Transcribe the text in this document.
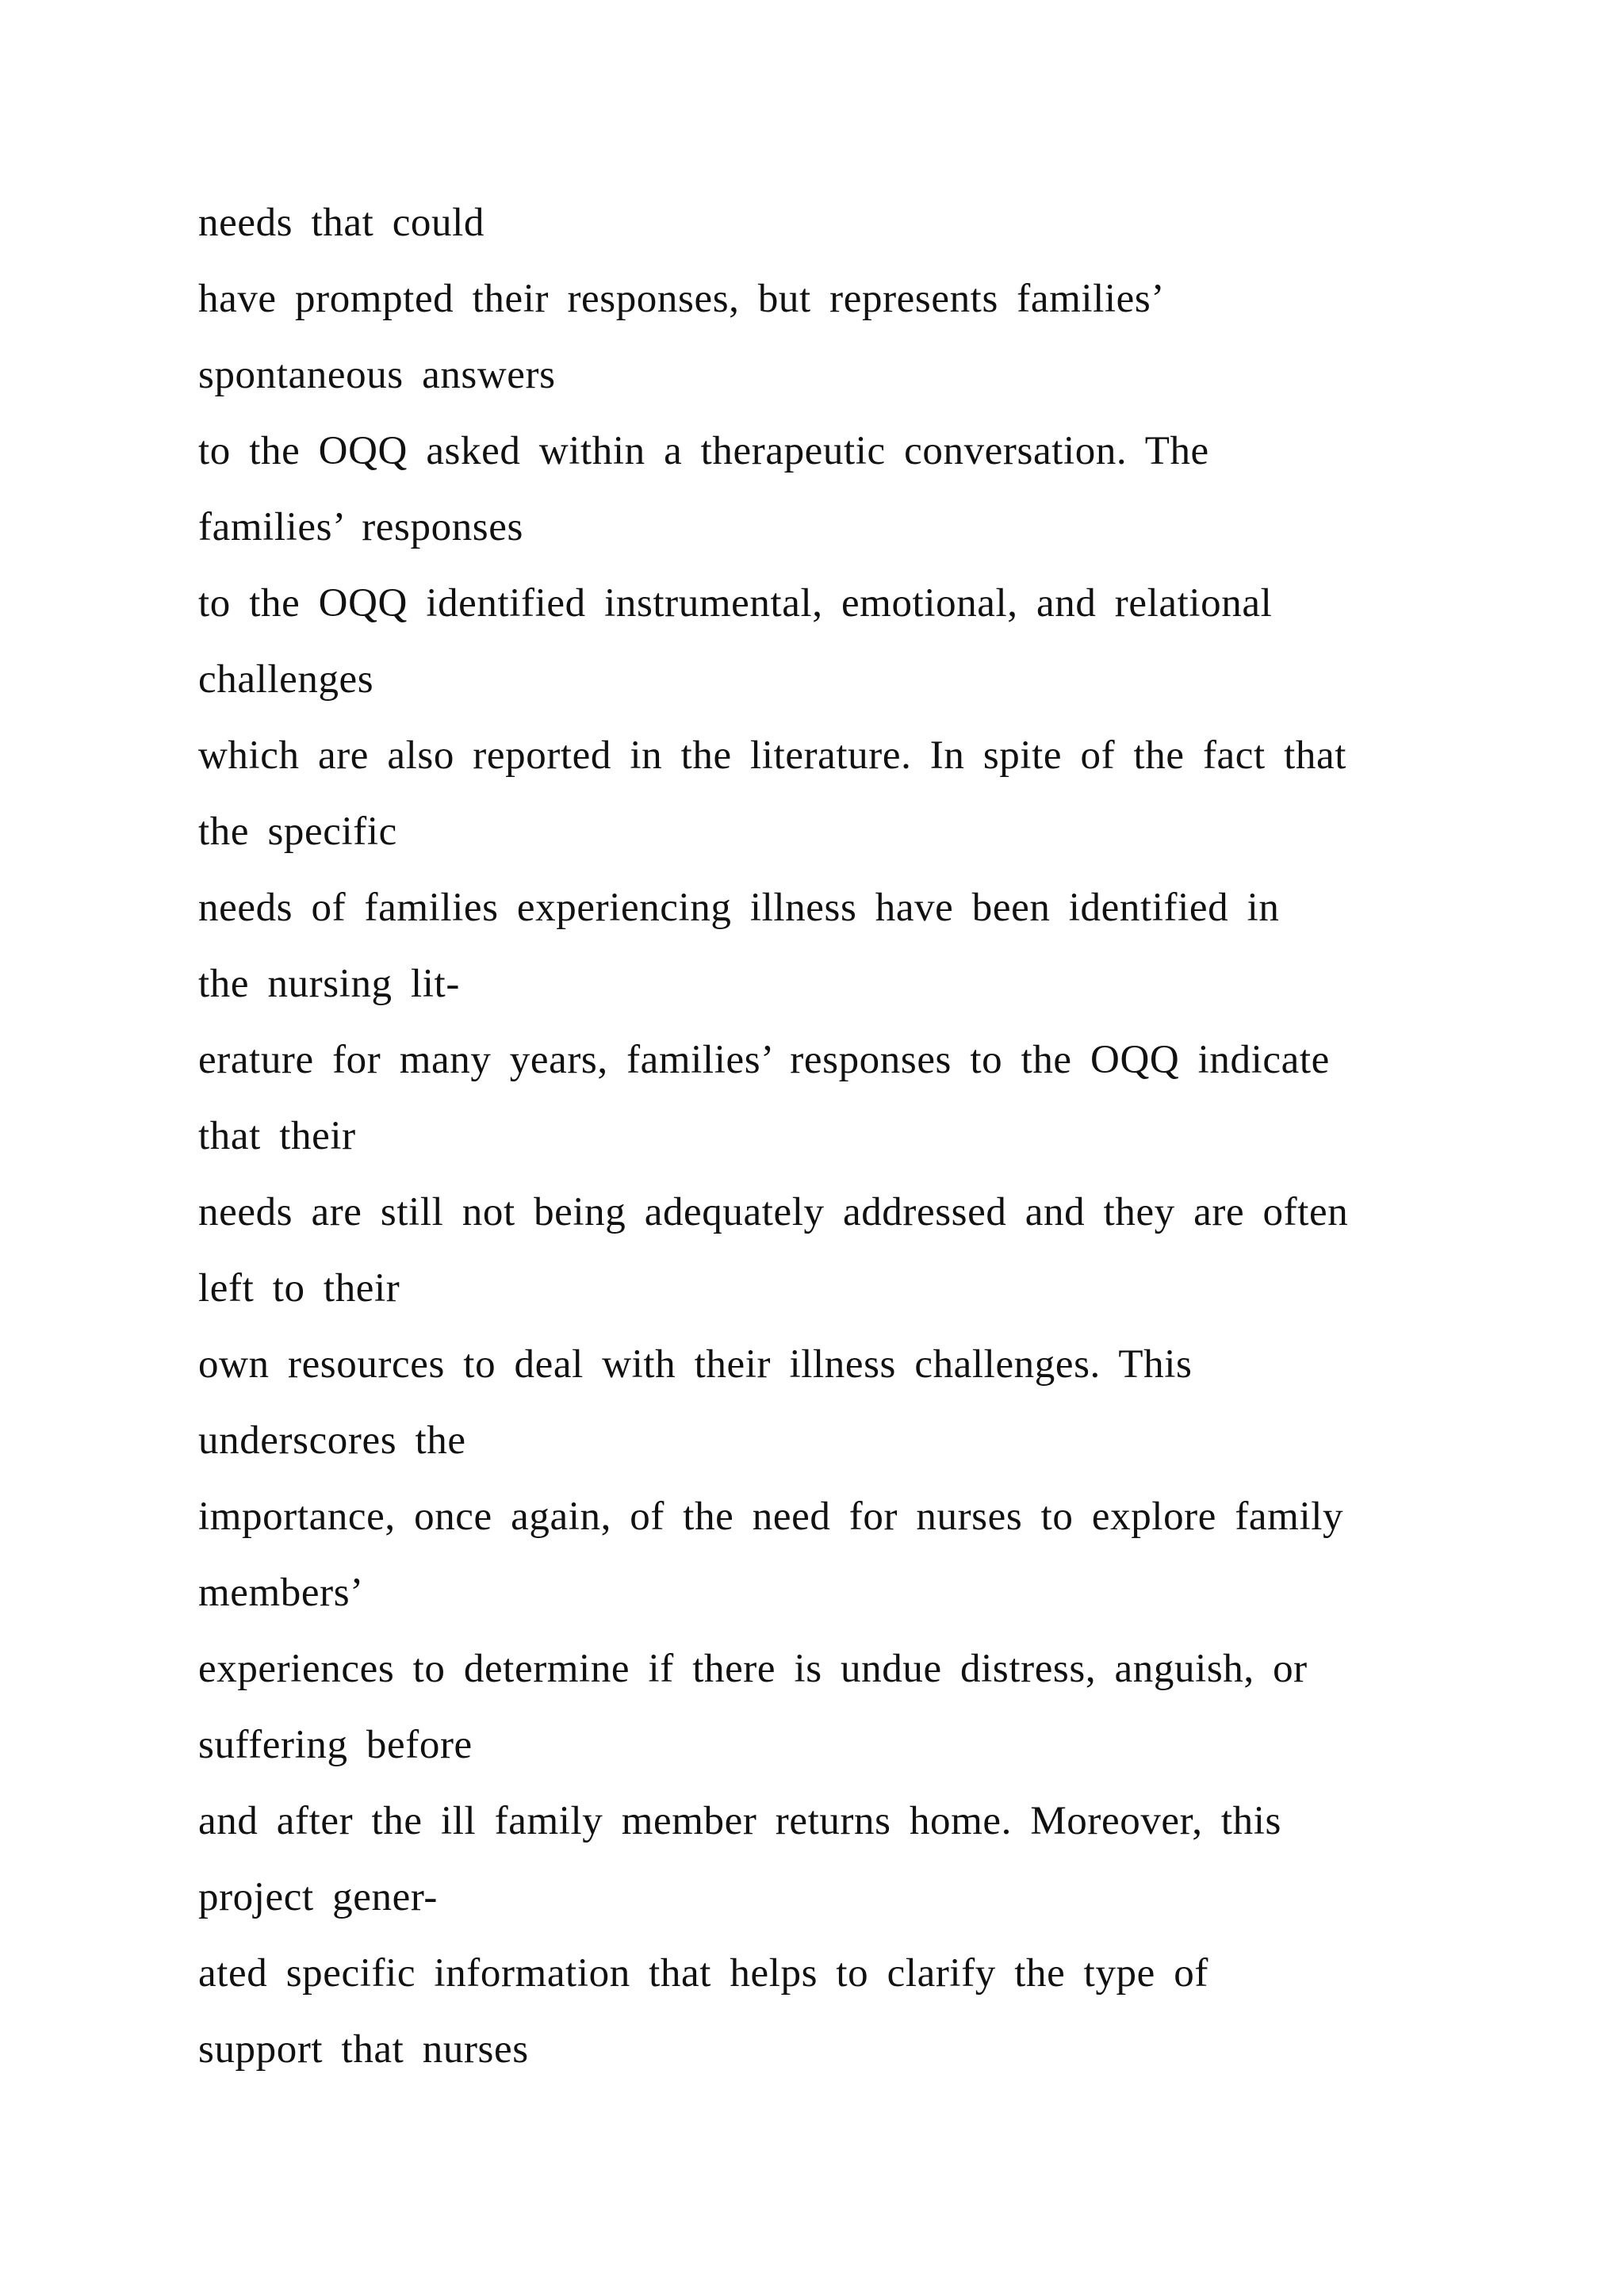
needs that could
have prompted their responses, but represents families’
spontaneous answers
to the OQQ asked within a therapeutic conversation. The
families’ responses
to the OQQ identified instrumental, emotional, and relational
challenges
which are also reported in the literature. In spite of the fact that
the specific
needs of families experiencing illness have been identified in
the nursing lit-
erature for many years, families’ responses to the OQQ indicate
that their
needs are still not being adequately addressed and they are often
left to their
own resources to deal with their illness challenges. This
underscores the
importance, once again, of the need for nurses to explore family
members’
experiences to determine if there is undue distress, anguish, or
suffering before
and after the ill family member returns home. Moreover, this
project gener-
ated specific information that helps to clarify the type of
support that nurses
